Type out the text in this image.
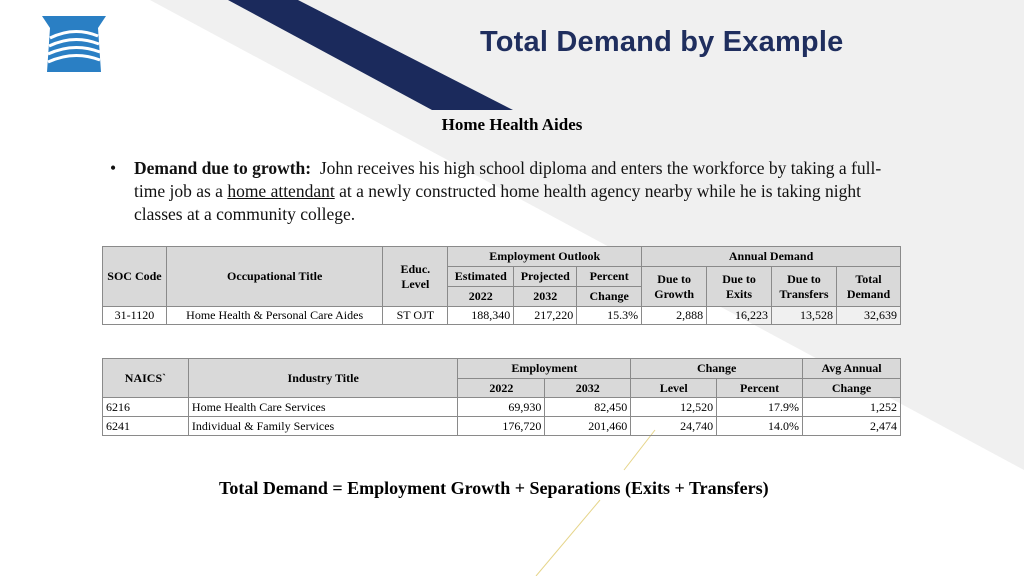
Total Demand by Example
Home Health Aides
•	Demand due to growth: John receives his high school diploma and enters the workforce by taking a full-time job as a home attendant at a newly constructed home health agency nearby while he is taking night classes at a community college.
SOC Code	Occupational Title	Educ. Level	Employment Outlook			Annual Demand			
			Estimated	Projected	Percent	Due to Growth	Due to Exits	Due to Transfers	Total Demand
			2022	2032	Change				
31-1120	Home Health & Personal Care Aides	ST OJT	188,340	217,220	15.3%	2,888	16,223	13,528	32,639
NAICS`	Industry Title	Employment		Change		Avg Annual
		2022	2032	Level	Percent	Change
6216	Home Health Care Services	69,930	82,450	12,520	17.9%	1,252
6241	Individual & Family Services	176,720	201,460	24,740	14.0%	2,474
Total Demand = Employment Growth + Separations (Exits + Transfers)
